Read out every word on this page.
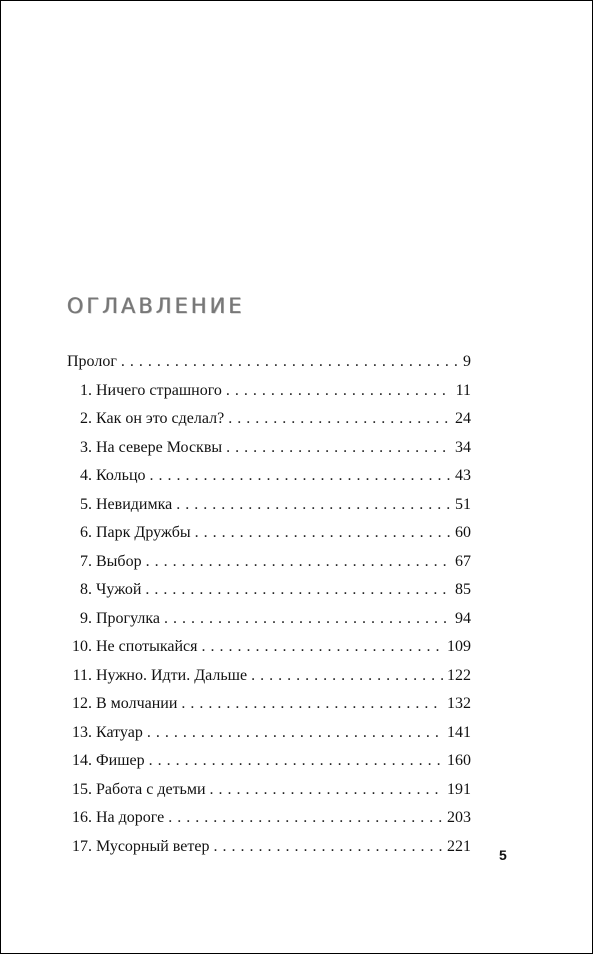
ОГЛАВЛЕНИЕ
Пролог . . .	9
1. Ничего страшного . . .	11
2. Как он это сделал? . . .	24
3. На севере Москвы . . .	34
4. Кольцо . . .	43
5. Невидимка . . .	51
6. Парк Дружбы . . .	60
7. Выбор . . .	67
8. Чужой . . .	85
9. Прогулка . . .	94
10. Не спотыкайся . . .	109
11. Нужно. Идти. Дальше . . .	122
12. В молчании . . .	132
13. Катуар . . .	141
14. Фишер . . .	160
15. Работа с детьми . . .	191
16. На дороге . . .	203
17. Мусорный ветер . . .	221
5
